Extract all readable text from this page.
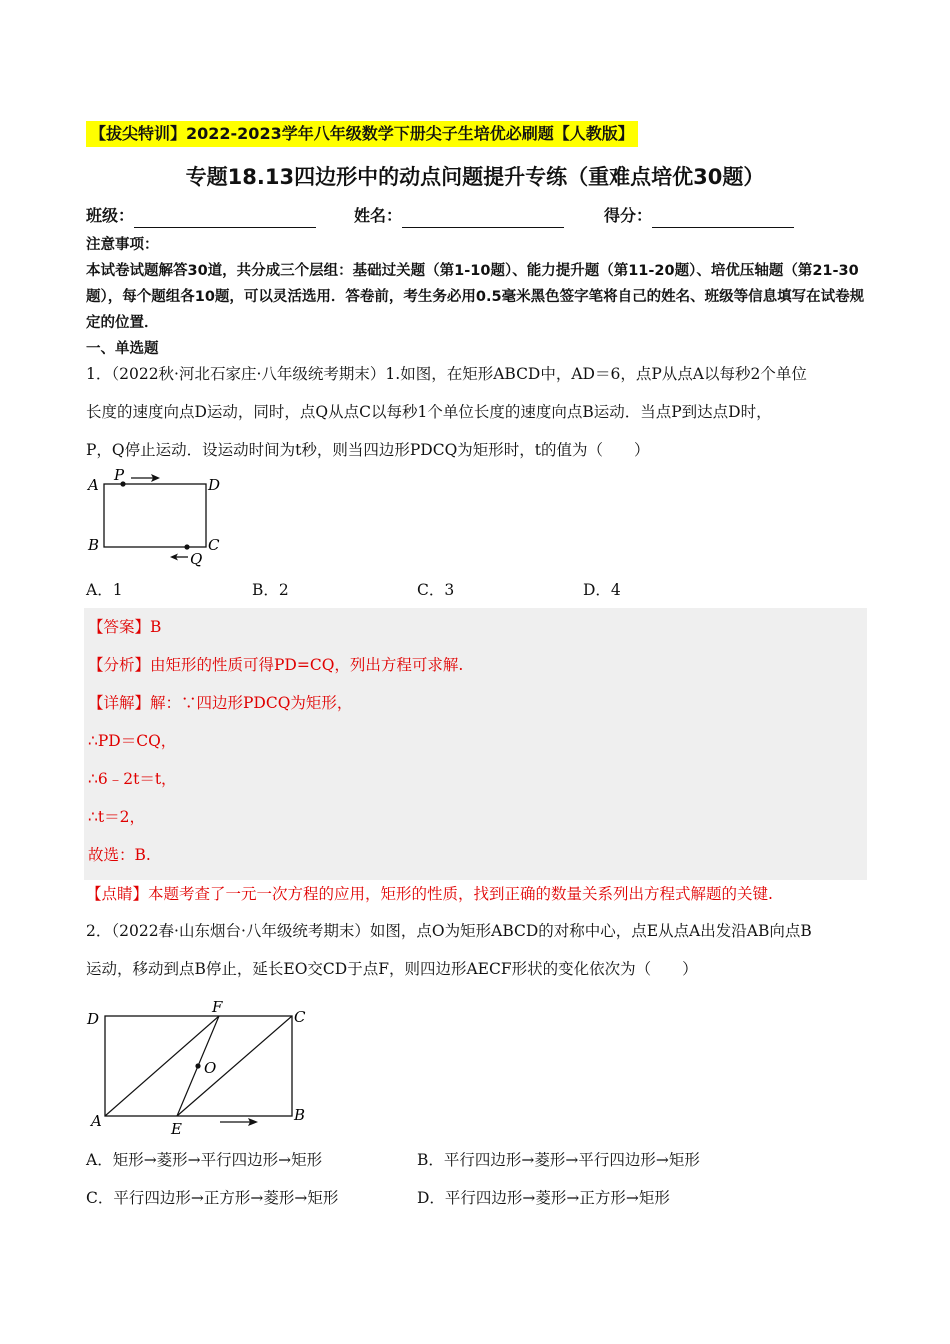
【拔尖特训】2022-2023学年八年级数学下册尖子生培优必刷题【人教版】
专题18.13四边形中的动点问题提升专练（重难点培优30题）
班级：	姓名：	得分：

注意事项：

本试卷试题解答30道，共分成三个层组：基础过关题（第1-10题）、能力提升题（第11-20题）、培优压轴题（第21-30题），每个题组各10题，可以灵活选用．答卷前，考生务必用0.5毫米黑色签字笔将自己的姓名、班级等信息填写在试卷规定的位置．

一、单选题

1．（2022秋·河北石家庄·八年级统考期末）1.如图，在矩形ABCD中，AD＝6，点P从点A以每秒2个单位

长度的速度向点D运动，同时，点Q从点C以每秒1个单位长度的速度向点B运动．当点P到达点D时，

P，Q停止运动．设运动时间为t秒，则当四边形PDCQ为矩形时，t的值为（　　）

A
P
D
B	C
Q
A．1	B．2	C．3	D．4

【答案】B

【分析】由矩形的性质可得PD=CQ，列出方程可求解.

【详解】解：∵四边形PDCQ为矩形，

∴PD＝CQ，

∴6﹣2t＝t，

∴t＝2，

故选：B.

【点睛】本题考查了一元一次方程的应用，矩形的性质，找到正确的数量关系列出方程式解题的关键.

2．（2022春·山东烟台·八年级统考期末）如图，点O为矩形ABCD的对称中心，点E从点A出发沿AB向点B

运动，移动到点B停止，延长EO交CD于点F，则四边形AECF形状的变化依次为（　　）

D
F
C
O
A	E
B
A．矩形→菱形→平行四边形→矩形	B．平行四边形→菱形→平行四边形→矩形
C．平行四边形→正方形→菱形→矩形	D．平行四边形→菱形→正方形→矩形
